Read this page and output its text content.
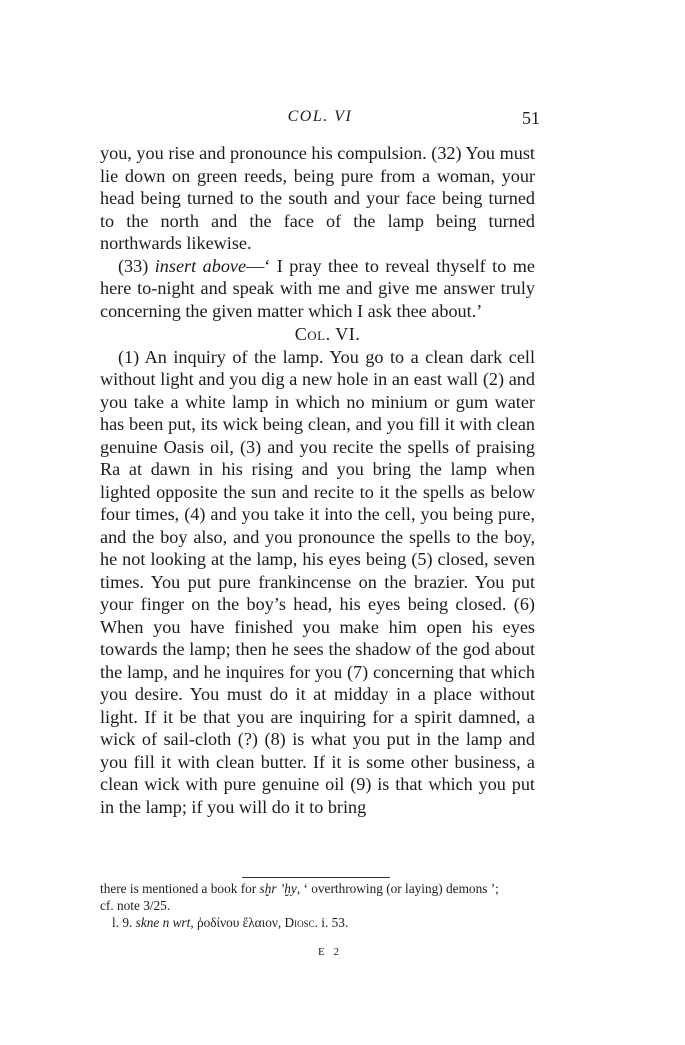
COL. VI	51

you, you rise and pronounce his compulsion. (32) You must lie down on green reeds, being pure from a woman, your head being turned to the south and your face being turned to the north and the face of the lamp being turned northwards likewise.

(33) insert above—‘ I pray thee to reveal thyself to me here to-night and speak with me and give me answer truly concerning the given matter which I ask thee about.’

Col. VI.

(1) An inquiry of the lamp. You go to a clean dark cell without light and you dig a new hole in an east wall (2) and you take a white lamp in which no minium or gum water has been put, its wick being clean, and you fill it with clean genuine Oasis oil, (3) and you recite the spells of praising Ra at dawn in his rising and you bring the lamp when lighted opposite the sun and recite to it the spells as below four times, (4) and you take it into the cell, you being pure, and the boy also, and you pronounce the spells to the boy, he not looking at the lamp, his eyes being (5) closed, seven times. You put pure frankincense on the brazier. You put your finger on the boy’s head, his eyes being closed. (6) When you have finished you make him open his eyes towards the lamp; then he sees the shadow of the god about the lamp, and he inquires for you (7) concerning that which you desire. You must do it at midday in a place without light. If it be that you are inquiring for a spirit damned, a wick of sail-cloth (?) (8) is what you put in the lamp and you fill it with clean butter. If it is some other business, a clean wick with pure genuine oil (9) is that which you put in the lamp; if you will do it to bring

there is mentioned a book for sḫr ’ḫy, ‘ overthrowing (or laying) demons ’;

cf. note 3/25.

l. 9. skne n wrt, ῥοδίνου ἔλαιον, Diosc. i. 53.

E 2
